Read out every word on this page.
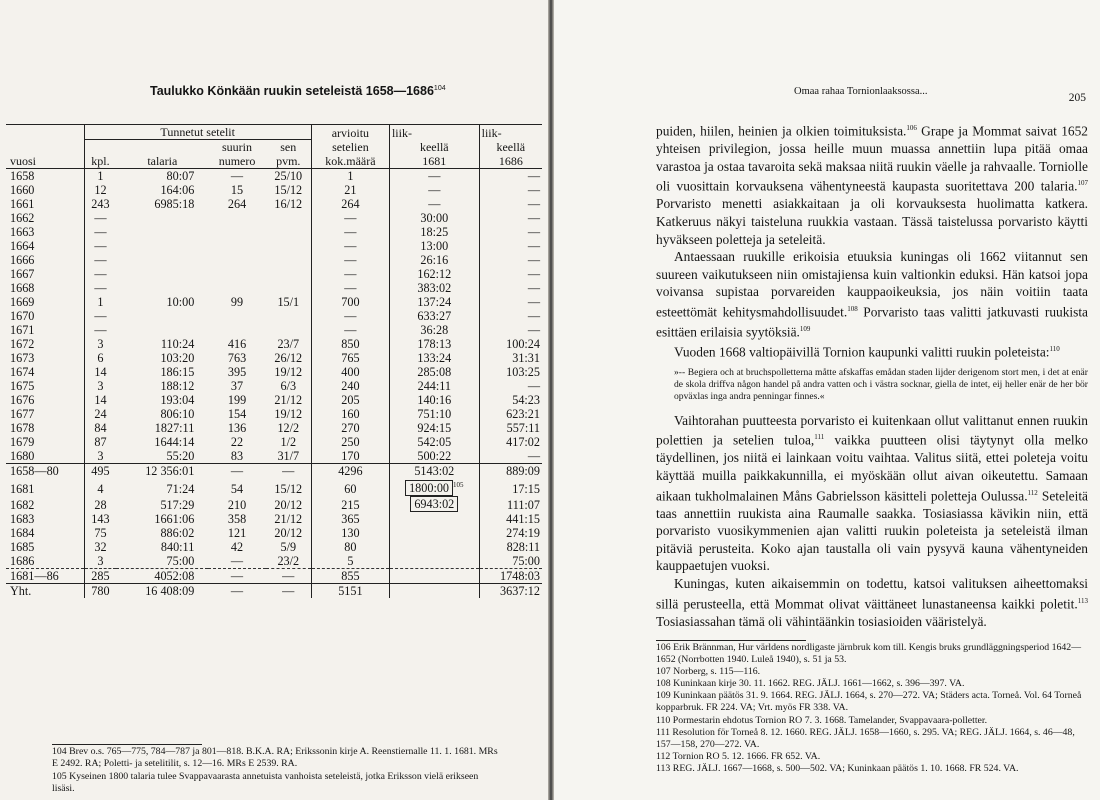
Taulukko Könkään ruukin seteleistä 1658—1686$^{104}$
	Tunnetut setelit				arvioitu	liik-	liik-
			suurin	sen	setelien	keellä	keellä
vuosi	kpl.	talaria	numero	pvm.	kok.määrä	1681	1686
1658	1	80:07	—	25/10	1	—	—
1660	12	164:06	15	15/12	21	—	—
1661	243	6985:18	264	16/12	264	—	—
1662	—				—	30:00	—
1663	—				—	18:25	—
1664	—				—	13:00	—
1666	—				—	26:16	—
1667	—				—	162:12	—
1668	—				—	383:02	—
1669	1	10:00	99	15/1	700	137:24	—
1670	—				—	633:27	—
1671	—				—	36:28	—
1672	3	110:24	416	23/7	850	178:13	100:24
1673	6	103:20	763	26/12	765	133:24	31:31
1674	14	186:15	395	19/12	400	285:08	103:25
1675	3	188:12	37	6/3	240	244:11	—
1676	14	193:04	199	21/12	205	140:16	54:23
1677	24	806:10	154	19/12	160	751:10	623:21
1678	84	1827:11	136	12/2	270	924:15	557:11
1679	87	1644:14	22	1/2	250	542:05	417:02
1680	3	55:20	83	31/7	170	500:22	—
1658—80	495	12 356:01	—	—	4296	5143:02	889:09
1681	4	71:24	54	15/12	60	1800:00 $^{105}$	17:15
1682	28	517:29	210	20/12	215	6943:02	111:07
1683	143	1661:06	358	21/12	365		441:15
1684	75	886:02	121	20/12	130		274:19
1685	32	840:11	42	5/9	80		828:11
1686	3	75:00	—	23/2	5		75:00
1681—86	285	4052:08	—	—	855		1748:03
Yht.	780	16 408:09	—	—	5151		3637:12

104 Brev o.s. 765—775, 784—787 ja 801—818. B.K.A. RA; Erikssonin kirje A. Reenstiernalle 11. 1. 1681. MRs E 2492. RA; Poletti- ja setelitilit, s. 12—16. MRs E 2539. RA.

105 Kyseinen 1800 talaria tulee Svappavaarasta annetuista vanhoista seteleistä, jotka Eriksson vielä erikseen lisäsi.

Omaa rahaa Tornionlaaksossa...
205

puiden, hiilen, heinien ja olkien toimituksista.$^{106}$ Grape ja Mommat saivat 1652 yhteisen privilegion, jossa heille muun muassa annettiin lupa pitää omaa varastoa ja ostaa tavaroita sekä maksaa niitä ruukin väelle ja rahvaalle. Torniolle oli vuosittain korvauksena vähentyneestä kaupasta suoritettava 200 talaria.$^{107}$ Porvaristo menetti asiakkaitaan ja oli korvauksesta huolimatta katkera. Katkeruus näkyi taisteluna ruukkia vastaan. Tässä taistelussa porvaristo käytti hyväkseen poletteja ja seteleitä.

Antaessaan ruukille erikoisia etuuksia kuningas oli 1662 viitannut sen suureen vaikutukseen niin omistajiensa kuin valtionkin eduksi. Hän katsoi jopa voivansa supistaa porvareiden kauppaoikeuksia, jos näin voitiin taata esteettömät kehitysmahdollisuudet.$^{108}$ Porvaristo taas valitti jatkuvasti ruukista esittäen erilaisia syytöksiä.$^{109}$

Vuoden 1668 valtiopäivillä Tornion kaupunki valitti ruukin poleteista:$^{110}$

»-- Begiera och at bruchspolletterna måtte afskaffas emådan staden lijder derigenom stort men, i det at enär de skola driffva någon handel på andra vatten och i västra socknar, giella de intet, eij heller enär de her bör opväxlas inga andra penningar finnes.«

Vaihtorahan puutteesta porvaristo ei kuitenkaan ollut valittanut ennen ruukin polettien ja setelien tuloa,$^{111}$ vaikka puutteen olisi täytynyt olla melko täydellinen, jos niitä ei lainkaan voitu vaihtaa. Valitus siitä, ettei poleteja voitu käyttää muilla paikkakunnilla, ei myöskään ollut aivan oikeutettu. Samaan aikaan tukholmalainen Måns Gabrielsson käsitteli poletteja Oulussa.$^{112}$ Seteleitä taas annettiin ruukista aina Raumalle saakka. Tosiasiassa kävikin niin, että porvaristo vuosikymmenien ajan valitti ruukin poleteista ja seteleistä ilman pitäviä perusteita. Koko ajan taustalla oli vain pysyvä kauna vähentyneiden kauppaetujen vuoksi.

Kuningas, kuten aikaisemmin on todettu, katsoi valituksen aiheettomaksi sillä perusteella, että Mommat olivat väittäneet lunastaneensa kaikki poletit.$^{113}$ Tosiasiassahan tämä oli vähintäänkin tosiasioiden vääristelyä.

106 Erik Brännman, Hur världens nordligaste järnbruk kom till. Kengis bruks grundläggningsperiod 1642—1652 (Norrbotten 1940. Luleå 1940), s. 51 ja 53.

107 Norberg, s. 115—116.

108 Kuninkaan kirje 30. 11. 1662. REG. JÄLJ. 1661—1662, s. 396—397. VA.

109 Kuninkaan päätös 31. 9. 1664. REG. JÄLJ. 1664, s. 270—272. VA; Städers acta. Torneå. Vol. 64 Torneå kopparbruk. FR 224. VA; Vrt. myös FR 338. VA.

110 Pormestarin ehdotus Tornion RO 7. 3. 1668. Tamelander, Svappavaara-polletter.

111 Resolution för Torneå 8. 12. 1660. REG. JÄLJ. 1658—1660, s. 295. VA; REG. JÄLJ. 1664, s. 46—48, 157—158, 270—272. VA.

112 Tornion RO 5. 12. 1666. FR 652. VA.

113 REG. JÄLJ. 1667—1668, s. 500—502. VA; Kuninkaan päätös 1. 10. 1668. FR 524. VA.
